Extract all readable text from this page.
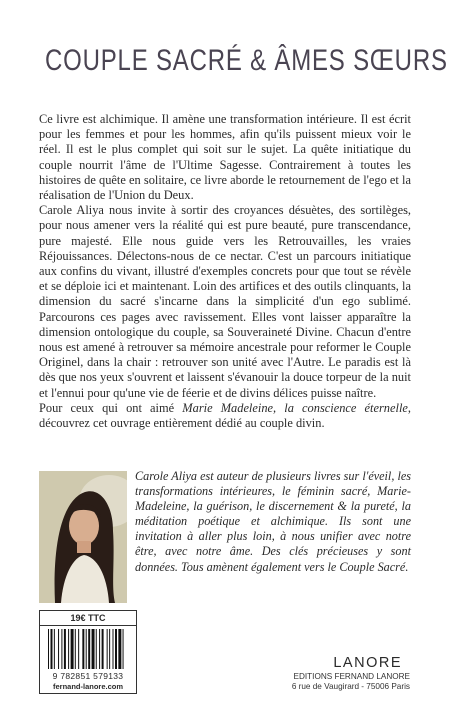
COUPLE SACRÉ & ÂMES SŒURS

Ce livre est alchimique. Il amène une transformation intérieure. Il est écrit pour les femmes et pour les hommes, afin qu'ils puissent mieux voir le réel. Il est le plus complet qui soit sur le sujet. La quête initiatique du couple nourrit l'âme de l'Ultime Sagesse. Contrairement à toutes les histoires de quête en solitaire, ce livre aborde le retournement de l'ego et la réalisation de l'Union du Deux.

Carole Aliya nous invite à sortir des croyances désuètes, des sortilèges, pour nous amener vers la réalité qui est pure beauté, pure transcendance, pure majesté. Elle nous guide vers les Retrouvailles, les vraies Réjouissances. Délectons-nous de ce nectar. C'est un parcours initiatique aux confins du vivant, illustré d'exemples concrets pour que tout se révèle et se déploie ici et maintenant. Loin des artifices et des outils clinquants, la dimension du sacré s'incarne dans la simplicité d'un ego sublimé. Parcourons ces pages avec ravissement. Elles vont laisser apparaître la dimension ontologique du couple, sa Souveraineté Divine. Chacun d'entre nous est amené à retrouver sa mémoire ancestrale pour reformer le Couple Originel, dans la chair : retrouver son unité avec l'Autre. Le paradis est là dès que nos yeux s'ouvrent et laissent s'évanouir la douce torpeur de la nuit et l'ennui pour qu'une vie de féerie et de divins délices puisse naître.

Pour ceux qui ont aimé Marie Madeleine, la conscience éternelle, découvrez cet ouvrage entièrement dédié au couple divin.

Carole Aliya est auteur de plusieurs livres sur l'éveil, les transformations intérieures, le féminin sacré, Marie-Madeleine, la guérison, le discernement & la pureté, la méditation poétique et alchimique. Ils sont une invitation à aller plus loin, à nous unifier avec notre être, avec notre âme. Des clés précieuses y sont données. Tous amènent également vers le Couple Sacré.

19€ TTC
9 782851 579133
fernand-lanore.com
LANORE
EDITIONS FERNAND LANORE
6 rue de Vaugirard - 75006 Paris
